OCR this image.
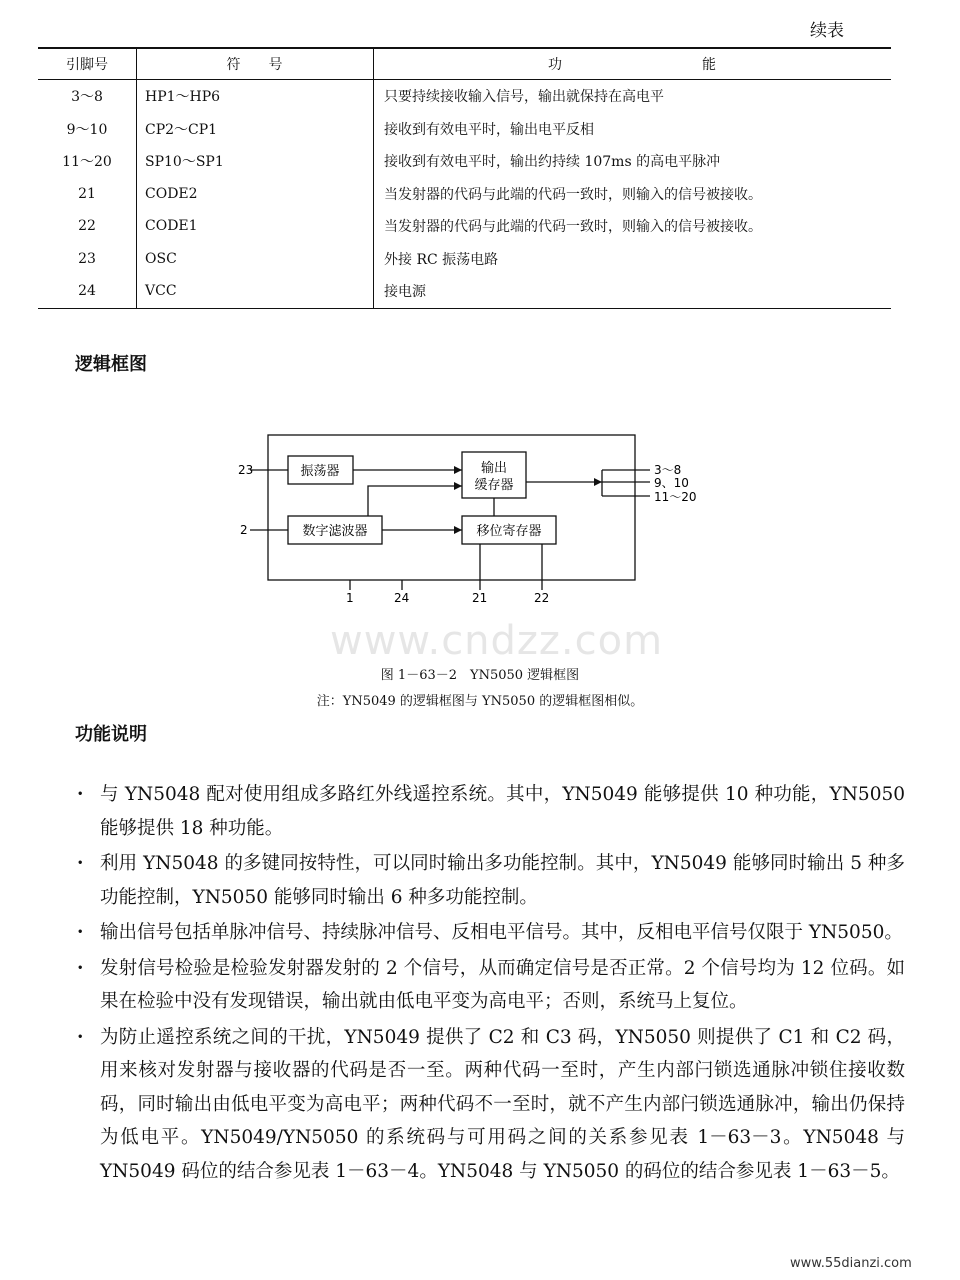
续表
引脚号	符　　号	功　　　　　　　　　　能
3～8	HP1～HP6	只要持续接收输入信号，输出就保持在高电平
9～10	CP2～CP1	接收到有效电平时，输出电平反相
11～20	SP10～SP1	接收到有效电平时，输出约持续 107ms 的高电平脉冲
21	CODE2	当发射器的代码与此端的代码一致时，则输入的信号被接收。
22	CODE1	当发射器的代码与此端的代码一致时，则输入的信号被接收。
23	OSC	外接 RC 振荡电路
24	VCC	接电源
逻辑框图
振荡器	输出
缓存器
数字滤波器	移位寄存器
23
2
3～8
9、10
11～20
1	24	21	22
www.cndzz.com
图 1－63－2　YN5050 逻辑框图
注：YN5049 的逻辑框图与 YN5050 的逻辑框图相似。
功能说明
· 与 YN5048 配对使用组成多路红外线遥控系统。其中，YN5049 能够提供 10 种功能，YN5050 能够提供 18 种功能。
· 利用 YN5048 的多键同按特性，可以同时输出多功能控制。其中，YN5049 能够同时输出 5 种多功能控制，YN5050 能够同时输出 6 种多功能控制。
· 输出信号包括单脉冲信号、持续脉冲信号、反相电平信号。其中，反相电平信号仅限于 YN5050。
· 发射信号检验是检验发射器发射的 2 个信号，从而确定信号是否正常。2 个信号均为 12 位码。如果在检验中没有发现错误，输出就由低电平变为高电平；否则，系统马上复位。
· 为防止遥控系统之间的干扰，YN5049 提供了 C2 和 C3 码，YN5050 则提供了 C1 和 C2 码，用来核对发射器与接收器的代码是否一至。两种代码一至时，产生内部闩锁选通脉冲锁住接收数码，同时输出由低电平变为高电平；两种代码不一至时，就不产生内部闩锁选通脉冲，输出仍保持为低电平。YN5049/YN5050 的系统码与可用码之间的关系参见表 1－63－3。YN5048 与 YN5049 码位的结合参见表 1－63－4。YN5048 与 YN5050 的码位的结合参见表 1－63－5。
www.55dianzi.com
